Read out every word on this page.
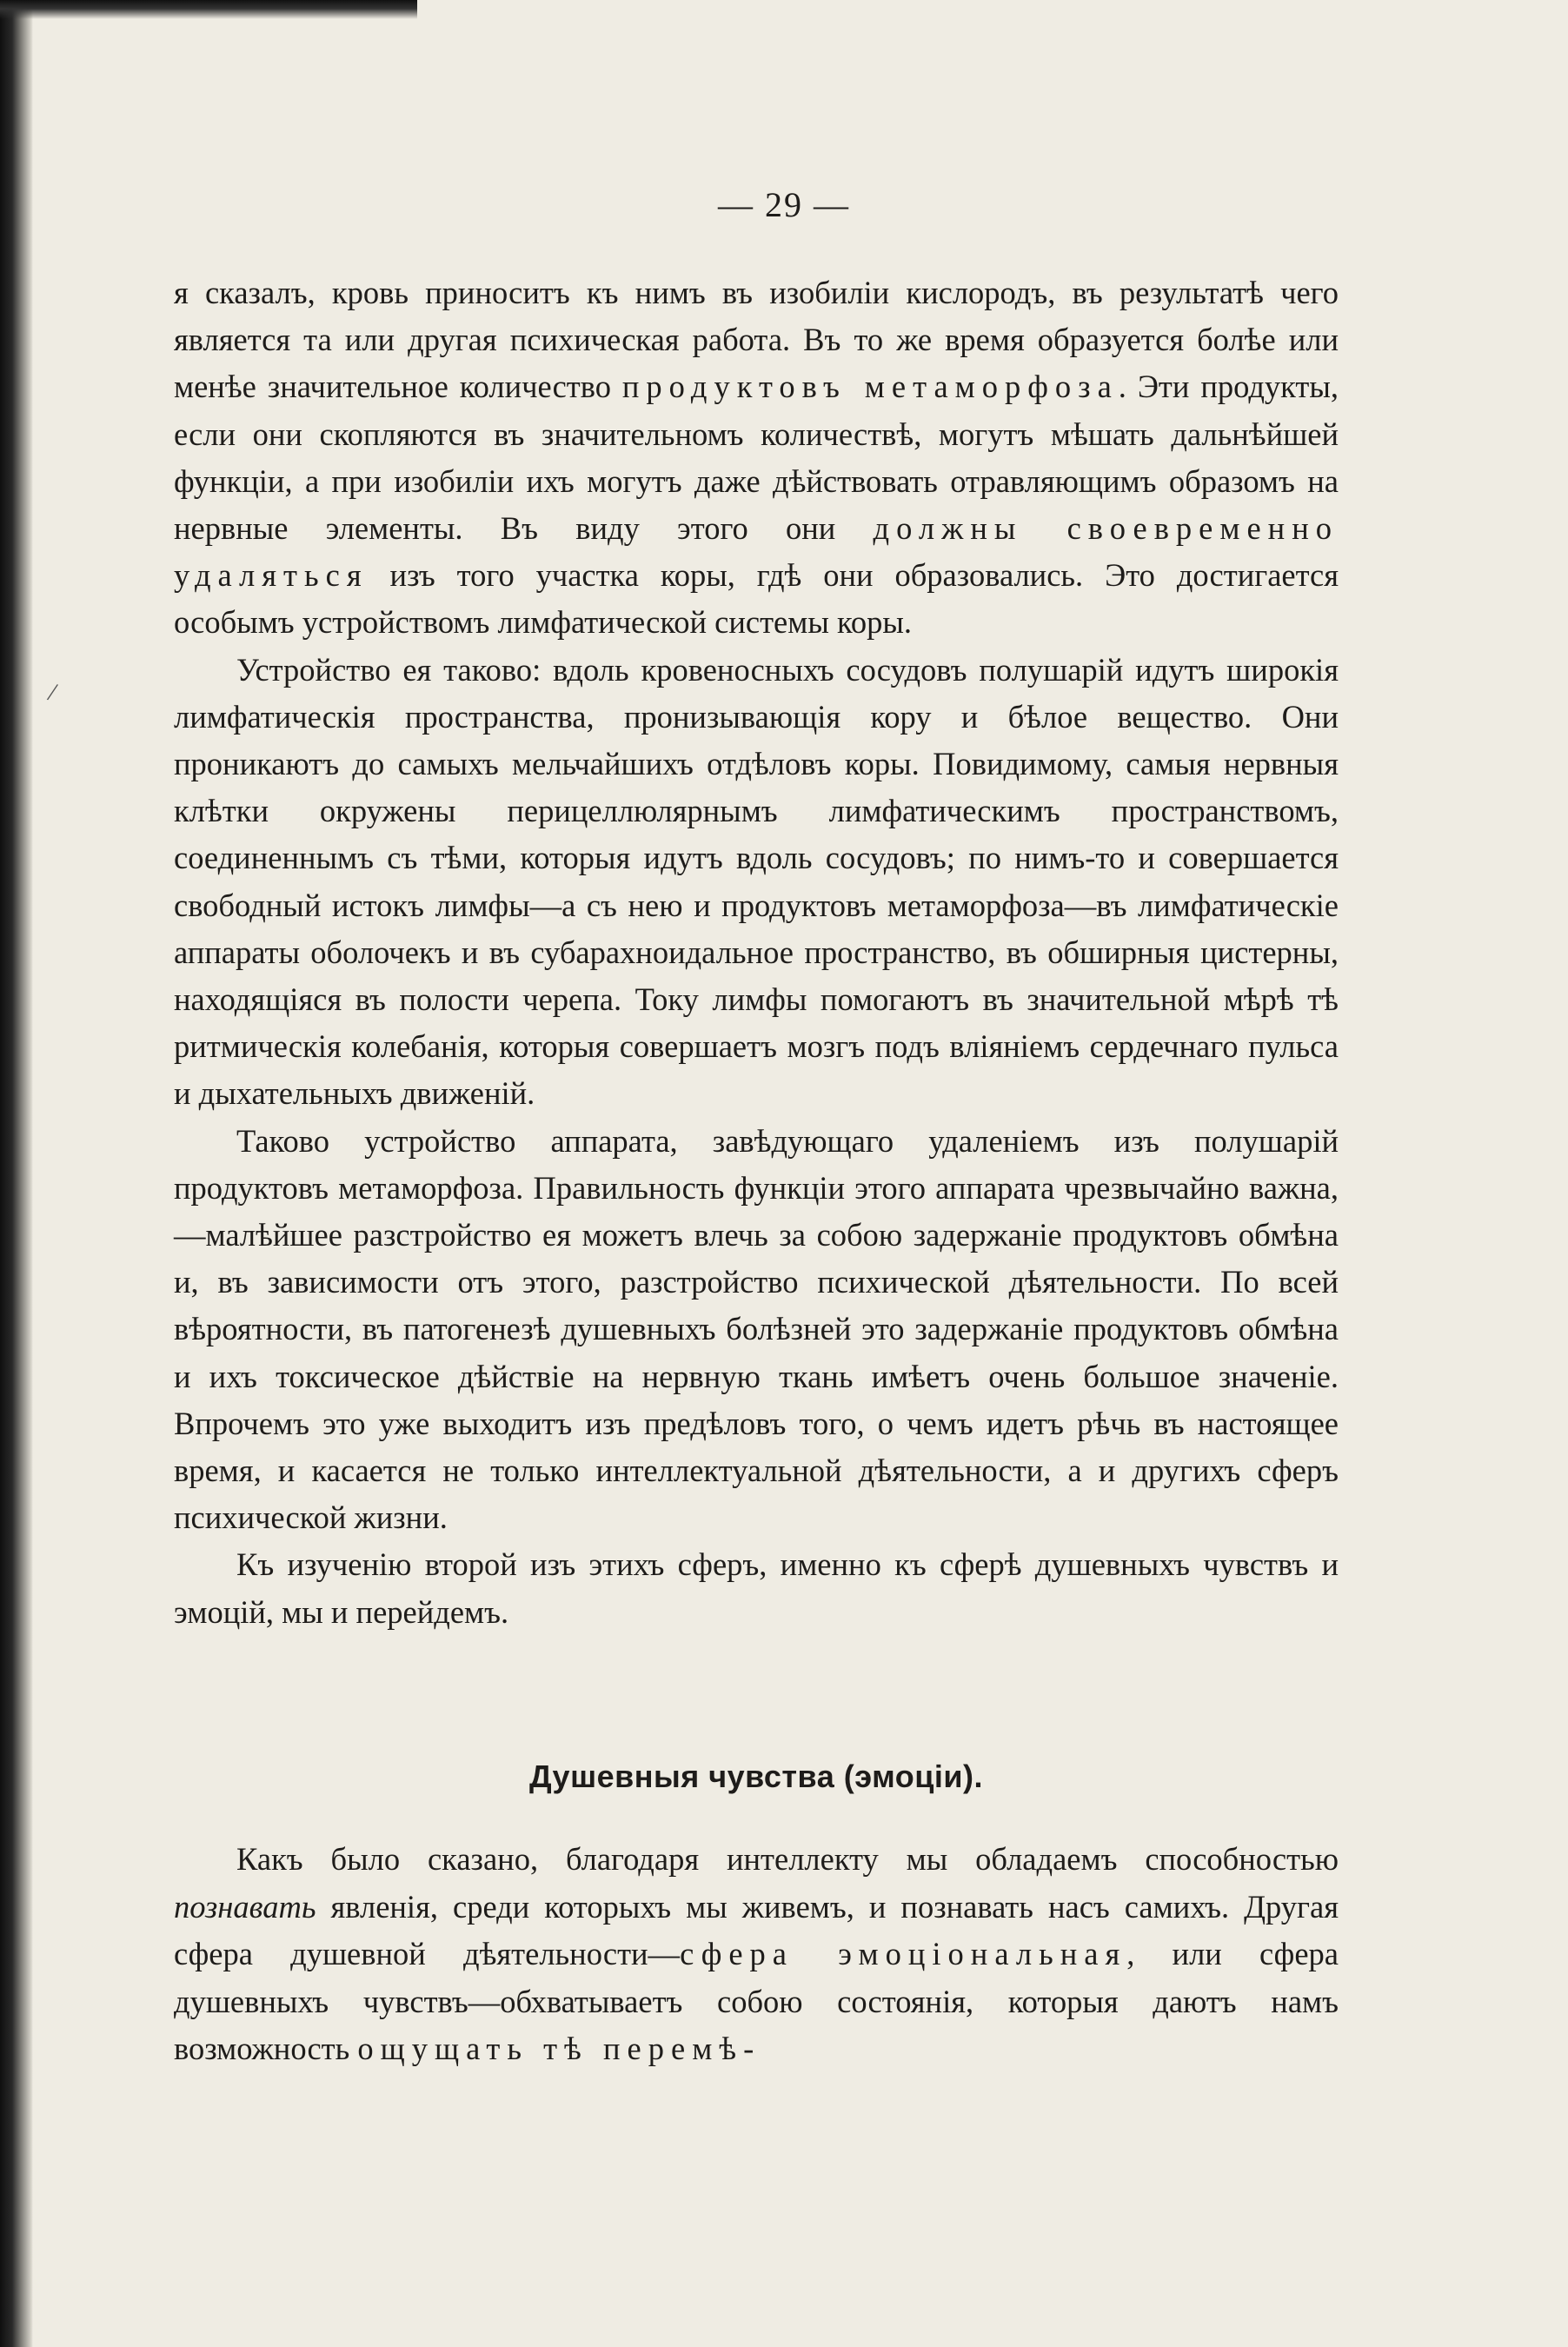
/
— 29 —

я сказалъ, кровь приноситъ къ нимъ въ изобиліи кислородъ, въ результатѣ чего является та или другая психическая работа. Въ то же время образуется болѣе или менѣе значительное количество продуктовъ метаморфоза. Эти продукты, если они скопляются въ значительномъ количествѣ, могутъ мѣшать дальнѣйшей функціи, а при изобиліи ихъ могутъ даже дѣйствовать отравляющимъ образомъ на нервные элементы. Въ виду этого они должны своевременно удаляться изъ того участка коры, гдѣ они образовались. Это достигается особымъ устройствомъ лимфатической системы коры.

Устройство ея таково: вдоль кровеносныхъ сосудовъ полушарій идутъ широкія лимфатическія пространства, пронизывающія кору и бѣлое вещество. Они проникаютъ до самыхъ мельчайшихъ отдѣловъ коры. Повидимому, самыя нервныя клѣтки окружены перицеллюлярнымъ лимфатическимъ пространствомъ, соединеннымъ съ тѣми, которыя идутъ вдоль сосудовъ; по нимъ-то и совершается свободный истокъ лимфы—а съ нею и продуктовъ метаморфоза—въ лимфатическіе аппараты оболочекъ и въ субарахноидальное пространство, въ обширныя цистерны, находящіяся въ полости черепа. Току лимфы помогаютъ въ значительной мѣрѣ тѣ ритмическія колебанія, которыя совершаетъ мозгъ подъ вліяніемъ сердечнаго пульса и дыхательныхъ движеній.

Таково устройство аппарата, завѣдующаго удаленіемъ изъ полушарій продуктовъ метаморфоза. Правильность функціи этого аппарата чрезвычайно важна,—малѣйшее разстройство ея можетъ влечь за собою задержаніе продуктовъ обмѣна и, въ зависимости отъ этого, разстройство психической дѣятельности. По всей вѣроятности, въ патогенезѣ душевныхъ болѣзней это задержаніе продуктовъ обмѣна и ихъ токсическое дѣйствіе на нервную ткань имѣетъ очень большое значеніе. Впрочемъ это уже выходитъ изъ предѣловъ того, о чемъ идетъ рѣчь въ настоящее время, и касается не только интеллектуальной дѣятельности, а и другихъ сферъ психической жизни.

Къ изученію второй изъ этихъ сферъ, именно къ сферѣ душевныхъ чувствъ и эмоцій, мы и перейдемъ.

Душевныя чувства (эмоціи).

Какъ было сказано, благодаря интеллекту мы обладаемъ способностью познавать явленія, среди которыхъ мы живемъ, и познавать насъ самихъ. Другая сфера душевной дѣятельности—сфера эмоціональная, или сфера душевныхъ чувствъ—обхватываетъ собою состоянія, которыя даютъ намъ возможность ощущать тѣ перемѣ-
